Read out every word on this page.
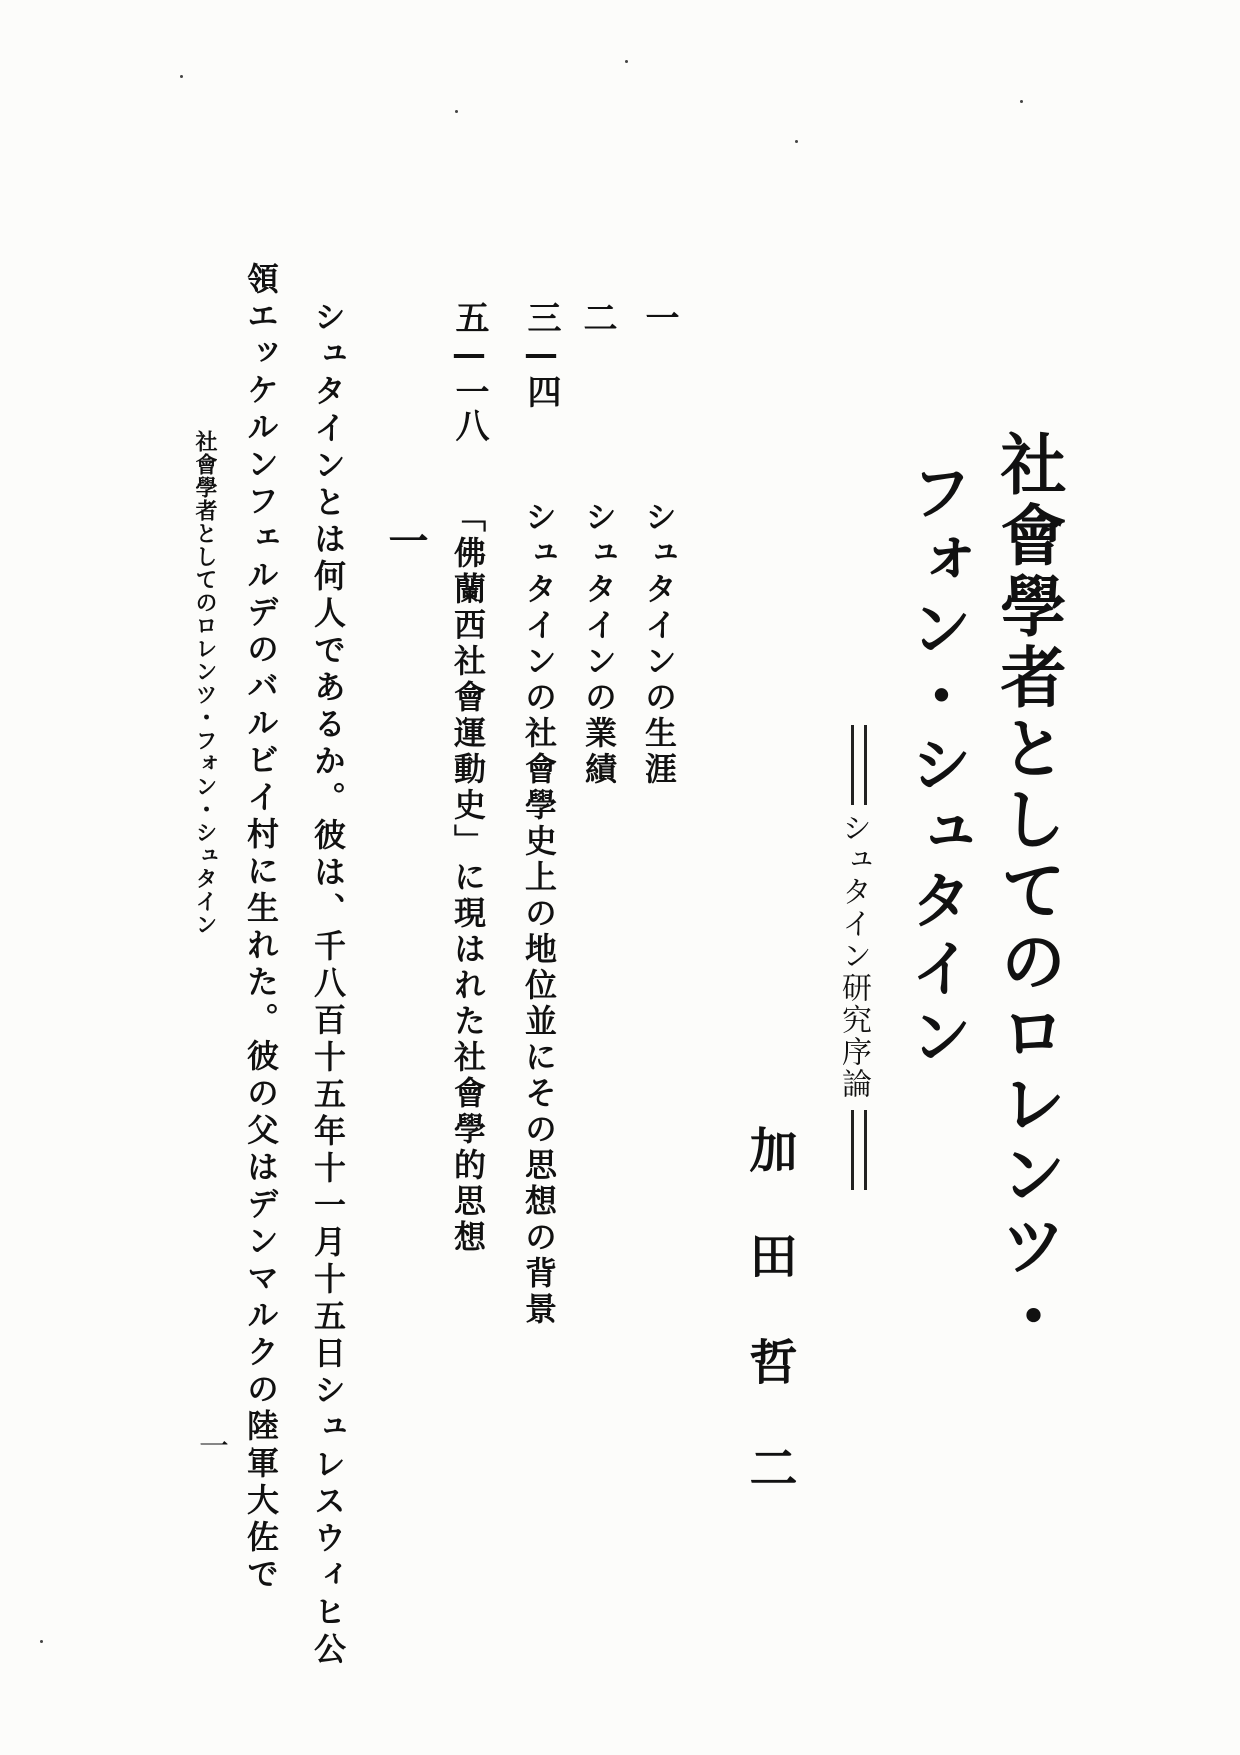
社會學者としてのロレンツ・
フォン・シュタイン
シュタイン研究序論
加田哲二
一
シュタインの生涯
二
シュタインの業績
三—四
シュタインの社會學史上の地位並にその思想の背景
五—一八
「佛蘭西社會運動史」に現はれた社會學的思想
一
シュタインとは何人であるか。彼は、千八百十五年十一月十五日シュレスウィヒ公
領エッケルンフェルデのバルビイ村に生れた。彼の父はデンマルクの陸軍大佐で
社會學者としてのロレンツ・フォン・シュタイン
一
